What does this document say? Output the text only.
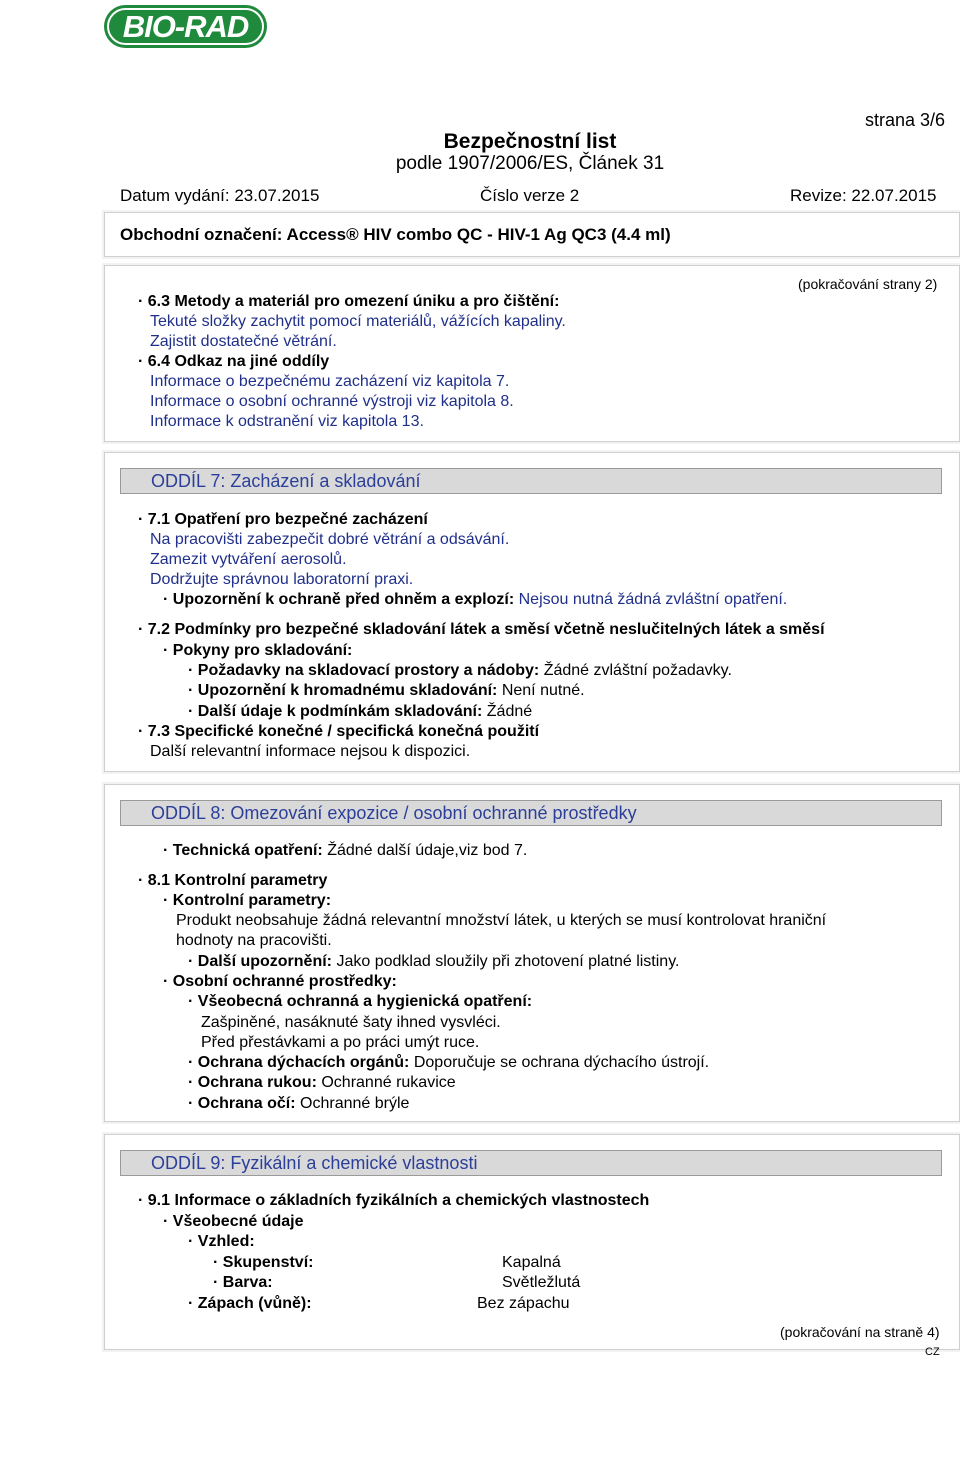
BIO-RAD
strana 3/6
Bezpečnostní list
podle 1907/2006/ES, Článek 31
Datum vydání: 23.07.2015	Číslo verze 2	Revize: 22.07.2015
Obchodní označení: Access® HIV combo QC - HIV-1 Ag QC3 (4.4 ml)
(pokračování strany 2)
· 6.3 Metody a materiál pro omezení úniku a pro čištění:
Tekuté složky zachytit pomocí materiálů, vážících kapaliny.
Zajistit dostatečné větrání.
· 6.4 Odkaz na jiné oddíly
Informace o bezpečnému zacházení viz kapitola 7.
Informace o osobní ochranné výstroji viz kapitola 8.
Informace k odstranění viz kapitola 13.
ODDÍL 7: Zacházení a skladování
· 7.1 Opatření pro bezpečné zacházení
Na pracovišti zabezpečit dobré větrání a odsávání.
Zamezit vytváření aerosolů.
Dodržujte správnou laboratorní praxi.
· Upozornění k ochraně před ohněm a explozí: Nejsou nutná žádná zvláštní opatření.
· 7.2 Podmínky pro bezpečné skladování látek a směsí včetně neslučitelných látek a směsí
· Pokyny pro skladování:
· Požadavky na skladovací prostory a nádoby: Žádné zvláštní požadavky.
· Upozornění k hromadnému skladování: Není nutné.
· Další údaje k podmínkám skladování: Žádné
· 7.3 Specifické konečné / specifická konečná použití
Další relevantní informace nejsou k dispozici.
ODDÍL 8: Omezování expozice / osobní ochranné prostředky
· Technická opatření: Žádné další údaje,viz bod 7.
· 8.1 Kontrolní parametry
· Kontrolní parametry:
Produkt neobsahuje žádná relevantní množství látek, u kterých se musí kontrolovat hraniční
hodnoty na pracovišti.
· Další upozornění: Jako podklad sloužily při zhotovení platné listiny.
· Osobní ochranné prostředky:
· Všeobecná ochranná a hygienická opatření:
Zašpiněné, nasáknuté šaty ihned vysvléci.
Před přestávkami a po práci umýt ruce.
· Ochrana dýchacích orgánů: Doporučuje se ochrana dýchacího ústrojí.
· Ochrana rukou: Ochranné rukavice
· Ochrana očí: Ochranné brýle
ODDÍL 9: Fyzikální a chemické vlastnosti
· 9.1 Informace o základních fyzikálních a chemických vlastnostech
· Všeobecné údaje
· Vzhled:
· Skupenství:	Kapalná
· Barva:	Světležlutá
· Zápach (vůně):	Bez zápachu
(pokračování na straně 4)
CZ
